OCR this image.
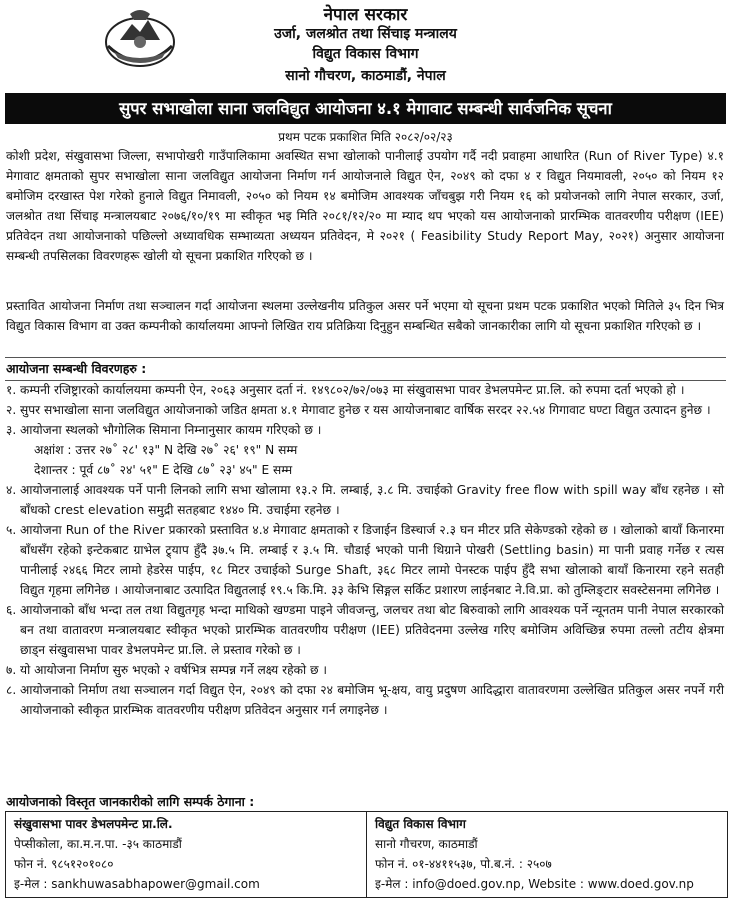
नेपाल सरकार
उर्जा, जलश्रोत तथा सिंचाइ मन्त्रालय
विद्युत विकास विभाग
सानो गौचरण, काठमाडौं, नेपाल
सुपर सभाखोला साना जलविद्युत आयोजना ४.१ मेगावाट सम्बन्धी सार्वजनिक सूचना
प्रथम पटक प्रकाशित मिति २०८२/०२/२३
कोशी प्रदेश, संखुवासभा जिल्ला, सभापोखरी गाउँपालिकामा अवस्थित सभा खोलाको पानीलाई उपयोग गर्दै नदी प्रवाहमा आधारित (Run of River Type) ४.१ मेगावाट क्षमताको सुपर सभाखोला साना जलविद्युत आयोजना निर्माण गर्न आयोजनाले विद्युत ऐन, २०४९ को दफा ४ र विद्युत नियमावली, २०५० को नियम १२ बमोजिम दरखास्त पेश गरेको हुनाले विद्युत निमावली, २०५० को नियम १४ बमोजिम आवश्यक जाँचबुझ गरी नियम १६ को प्रयोजनको लागि नेपाल सरकार, उर्जा, जलश्रोत तथा सिंचाइ मन्त्रालयबाट २०७६/१०/१९ मा स्वीकृत भइ मिति २०८१/१२/२० मा म्याद थप भएको यस आयोजनाको प्रारम्भिक वातवरणीय परीक्षण (IEE) प्रतिवेदन तथा आयोजनाको पछिल्लो अध्यावधिक सम्भाव्यता अध्ययन प्रतिवेदन, मे २०२१ ( Feasibility Study Report May, २०२१) अनुसार आयोजना सम्बन्धी तपसिलका विवरणहरू खोली यो सूचना प्रकाशित गरिएको छ ।
प्रस्तावित आयोजना निर्माण तथा सञ्चालन गर्दा आयोजना स्थलमा उल्लेखनीय प्रतिकुल असर पर्ने भएमा यो सूचना प्रथम पटक प्रकाशित भएको मितिले ३५ दिन भित्र विद्युत विकास विभाग वा उक्त कम्पनीको कार्यालयमा आफ्नो लिखित राय प्रतिक्रिया दिनुहुन सम्बन्धित सबैको जानकारीका लागि यो सूचना प्रकाशित गरिएको छ ।
आयोजना सम्बन्धी विवरणहरु :
१. कम्पनी रजिष्ट्रारको कार्यालयमा कम्पनी ऐन, २०६३ अनुसार दर्ता नं. १४९८०२/७२/०७३ मा संखुवासभा पावर डेभलपमेन्ट प्रा.लि. को रुपमा दर्ता भएको हो ।
२. सुपर सभाखोला साना जलविद्युत आयोजनाको जडित क्षमता ४.१ मेगावाट हुनेछ र यस आयोजनाबाट वार्षिक सरदर २२.५४ गिगावाट घण्टा विद्युत उत्पादन हुनेछ ।
३. आयोजना स्थलको भौगोलिक सिमाना निम्नानुसार कायम गरिएको छ ।
अक्षांश : उत्तर २७˚ २८' १३" N देखि २७˚ २६' १९" N सम्म
देशान्तर : पूर्व ८७˚ २४' ५१" E देखि ८७˚ २३' ४५" E सम्म
४. आयोजनालाई आवश्यक पर्ने पानी लिनको लागि सभा खोलामा १३.२ मि. लम्बाई, ३.८ मि. उचाईको Gravity free flow with spill way बाँध रहनेछ । सो बाँधको crest elevation समुद्री सतहबाट १४४० मि. उचाईमा रहनेछ ।
५. आयोजना Run of the River प्रकारको प्रस्तावित ४.४ मेगावाट क्षमताको र डिजाईन डिस्चार्ज २.३ घन मीटर प्रति सेकेण्डको रहेको छ । खोलाको बायाँ किनारमा बाँधसँग रहेको इन्टेकबाट ग्राभेल ट्र्याप हुँदै ३७.५ मि. लम्बाई र ३.५ मि. चौडाई भएको पानी थिग्राने पोखरी (Settling basin) मा पानी प्रवाह गर्नेछ र त्यस पानीलाई २४६६ मिटर लामो हेडरेस पाईप, १८ मिटर उचाईको Surge Shaft, ३६८ मिटर लामो पेनस्टक पाईप हुँदै सभा खोलाको बायाँ किनारमा रहने सतही विद्युत गृहमा लगिनेछ । आयोजनाबाट उत्पादित विद्युतलाई १९.५ कि.मि. ३३ केभि सिङ्गल सर्किट प्रशारण लाईनबाट ने.वि.प्रा. को तुम्लिङ्टार सवस्टेसनमा लगिनेछ ।
६. आयोजनाको बाँध भन्दा तल तथा विद्युतगृह भन्दा माथिको खण्डमा पाइने जीवजन्तु, जलचर तथा बोट बिरुवाको लागि आवश्यक पर्ने न्यूनतम पानी नेपाल सरकारको बन तथा वातावरण मन्त्रालयबाट स्वीकृत भएको प्रारम्भिक वातवरणीय परीक्षण (IEE) प्रतिवेदनमा उल्लेख गरिए बमोजिम अविच्छिन्न रुपमा तल्लो तटीय क्षेत्रमा छाड्न संखुवासभा पावर डेभलपमेन्ट प्रा.लि. ले प्रस्ताव गरेको छ ।
७. यो आयोजना निर्माण सुरु भएको २ वर्षभित्र सम्पन्न गर्ने लक्ष्य रहेको छ ।
८. आयोजनाको निर्माण तथा सञ्चालन गर्दा विद्युत ऐन, २०४९ को दफा २४ बमोजिम भू-क्षय, वायु प्रदुषण आदिद्धारा वातावरणमा उल्लेखित प्रतिकुल असर नपर्ने गरी आयोजनाको स्वीकृत प्रारम्भिक वातवरणीय परीक्षण प्रतिवेदन अनुसार गर्न लगाइनेछ ।
आयोजनाको विस्तृत जानकारीको लागि सम्पर्क ठेगाना :
संखुवासभा पावर डेभलपमेन्ट प्रा.लि.
पेप्सीकोला, का.म.न.पा. -३५ काठमाडौं
फोन नं. ९८५१२०१०८०
इ-मेल : sankhuwasabhapower@gmail.com
विद्युत विकास विभाग
सानो गौचरण, काठमाडौं
फोन नं. ०१-४४११५३७, पो.ब.नं. : २५०७
इ-मेल : info@doed.gov.np, Website : www.doed.gov.np
